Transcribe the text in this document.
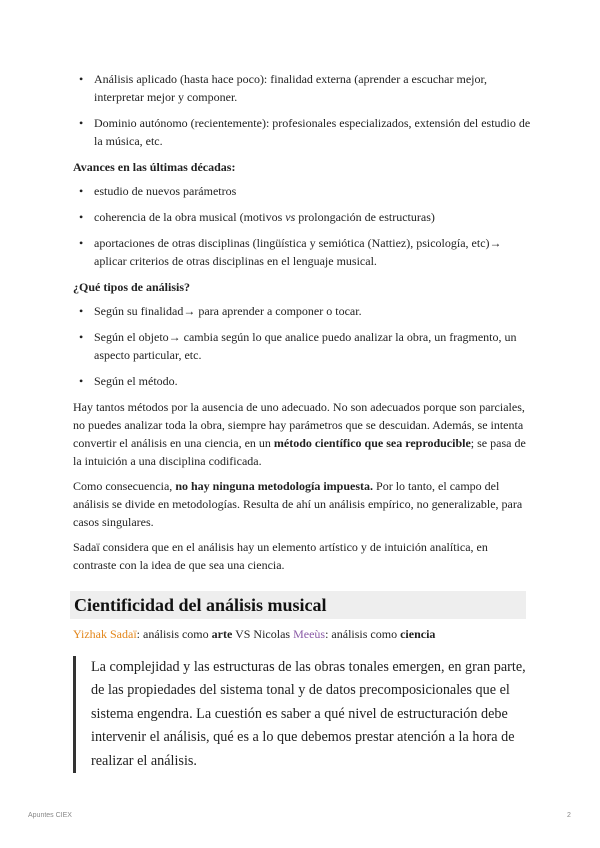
• Análisis aplicado (hasta hace poco): finalidad externa (aprender a escuchar mejor, interpretar mejor y componer.
• Dominio autónomo (recientemente): profesionales especializados, extensión del estudio de la música, etc.
Avances en las últimas décadas:
• estudio de nuevos parámetros
• coherencia de la obra musical (motivos vs prolongación de estructuras)
• aportaciones de otras disciplinas (lingüística y semiótica (Nattiez), psicología, etc)→ aplicar criterios de otras disciplinas en el lenguaje musical.
¿Qué tipos de análisis?
• Según su finalidad→ para aprender a componer o tocar.
• Según el objeto→ cambia según lo que analice puedo analizar la obra, un fragmento, un aspecto particular, etc.
• Según el método.

Hay tantos métodos por la ausencia de uno adecuado. No son adecuados porque son parciales, no puedes analizar toda la obra, siempre hay parámetros que se descuidan. Además, se intenta convertir el análisis en una ciencia, en un método científico que sea reproducible; se pasa de la intuición a una disciplina codificada.

Como consecuencia, no hay ninguna metodología impuesta. Por lo tanto, el campo del análisis se divide en metodologías. Resulta de ahí un análisis empírico, no generalizable, para casos singulares.

Sadaï considera que en el análisis hay un elemento artístico y de intuición analítica, en contraste con la idea de que sea una ciencia.

Cientificidad del análisis musical
Yizhak Sadaï: análisis como arte VS Nicolas Meeùs: análisis como ciencia
La complejidad y las estructuras de las obras tonales emergen, en gran parte, de las propiedades del sistema tonal y de datos precomposicionales que el sistema engendra. La cuestión es saber a qué nivel de estructuración debe intervenir el análisis, qué es a lo que debemos prestar atención a la hora de realizar el análisis.
Apuntes CIEX	2
